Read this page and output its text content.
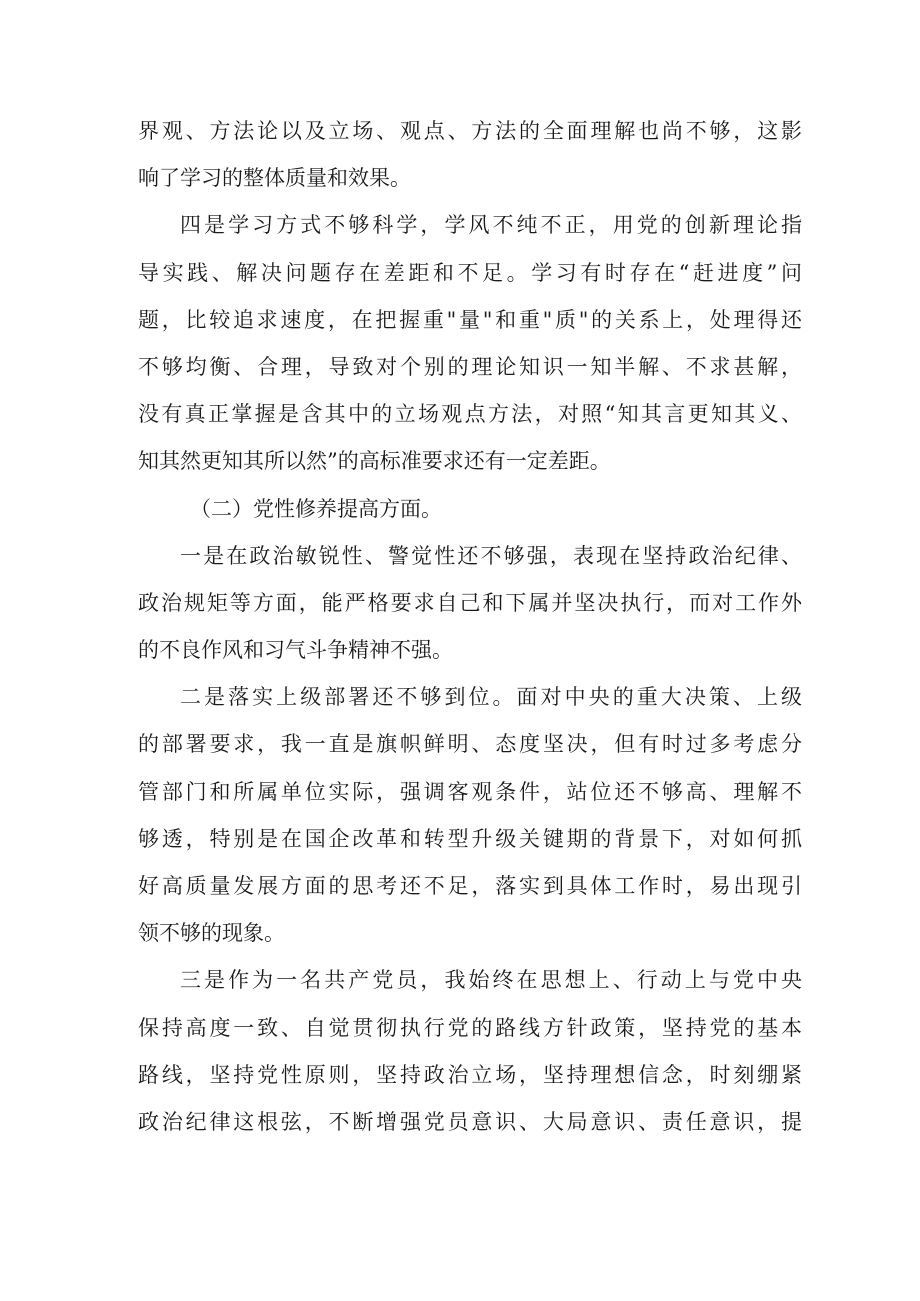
界观、方法论以及立场、观点、方法的全面理解也尚不够，这影
响了学习的整体质量和效果。
四是学习方式不够科学，学风不纯不正，用党的创新理论指
导实践、解决问题存在差距和不足。学习有时存在“赶进度”问
题，比较追求速度，在把握重"量"和重"质"的关系上，处理得还
不够均衡、合理，导致对个别的理论知识一知半解、不求甚解，
没有真正掌握是含其中的立场观点方法，对照“知其言更知其义、
知其然更知其所以然”的高标准要求还有一定差距。
（二）党性修养提高方面。
一是在政治敏锐性、警觉性还不够强，表现在坚持政治纪律、
政治规矩等方面，能严格要求自己和下属并坚决执行，而对工作外
的不良作风和习气斗争精神不强。
二是落实上级部署还不够到位。面对中央的重大决策、上级
的部署要求，我一直是旗帜鲜明、态度坚决，但有时过多考虑分
管部门和所属单位实际，强调客观条件，站位还不够高、理解不
够透，特别是在国企改革和转型升级关键期的背景下，对如何抓
好高质量发展方面的思考还不足，落实到具体工作时，易出现引
领不够的现象。
三是作为一名共产党员，我始终在思想上、行动上与党中央
保持高度一致、自觉贯彻执行党的路线方针政策，坚持党的基本
路线，坚持党性原则，坚持政治立场，坚持理想信念，时刻绷紧
政治纪律这根弦，不断增强党员意识、大局意识、责任意识，提
